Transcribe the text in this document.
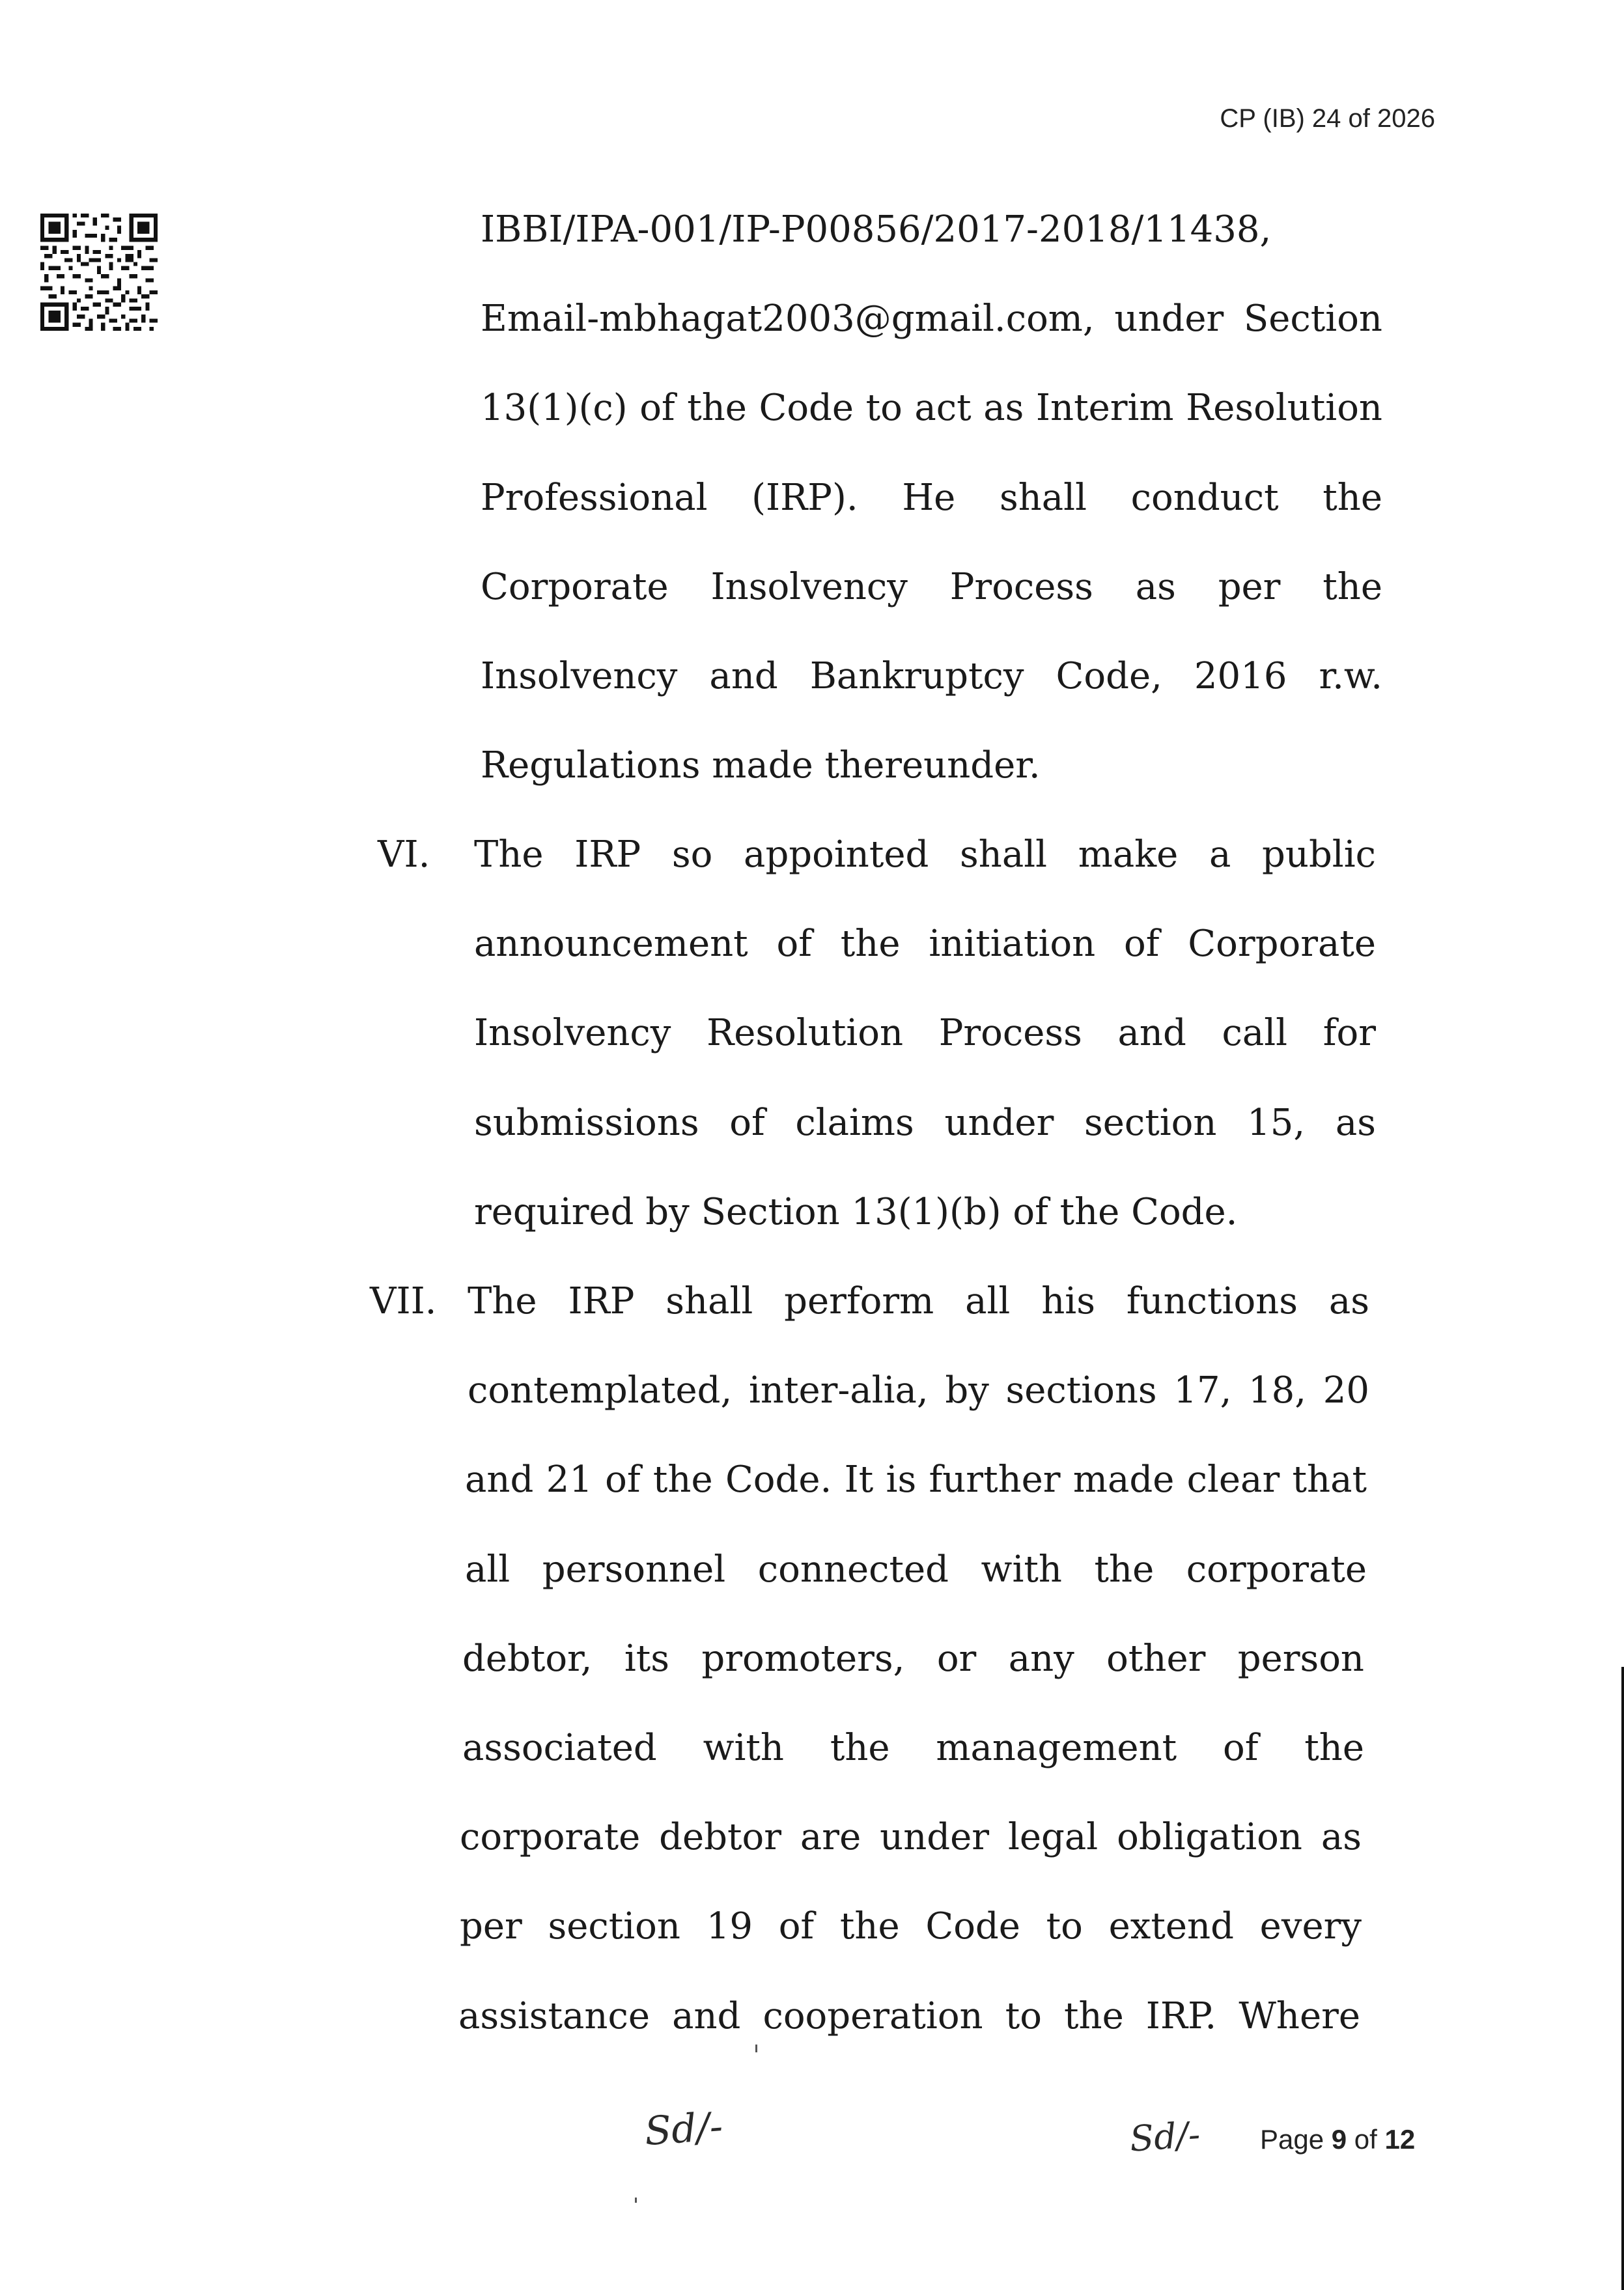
CP (IB) 24 of 2026
IBBI/IPA-001/IP-P00856/2017-2018/11438,
Email-mbhagat2003@gmail.com, under Section
13(1)(c) of the Code to act as Interim Resolution
Professional (IRP). He shall conduct the
Corporate Insolvency Process as per the
Insolvency and Bankruptcy Code, 2016 r.w.
Regulations made thereunder.
VI. The IRP so appointed shall make a public
announcement of the initiation of Corporate
Insolvency Resolution Process and call for
submissions of claims under section 15, as
required by Section 13(1)(b) of the Code.
VII. The IRP shall perform all his functions as
contemplated, inter-alia, by sections 17, 18, 20
and 21 of the Code. It is further made clear that
all personnel connected with the corporate
debtor, its promoters, or any other person
associated with the management of the
corporate debtor are under legal obligation as
per section 19 of the Code to extend every
assistance and cooperation to the IRP. Where
Sd/-	Sd/- Page 9 of 12
